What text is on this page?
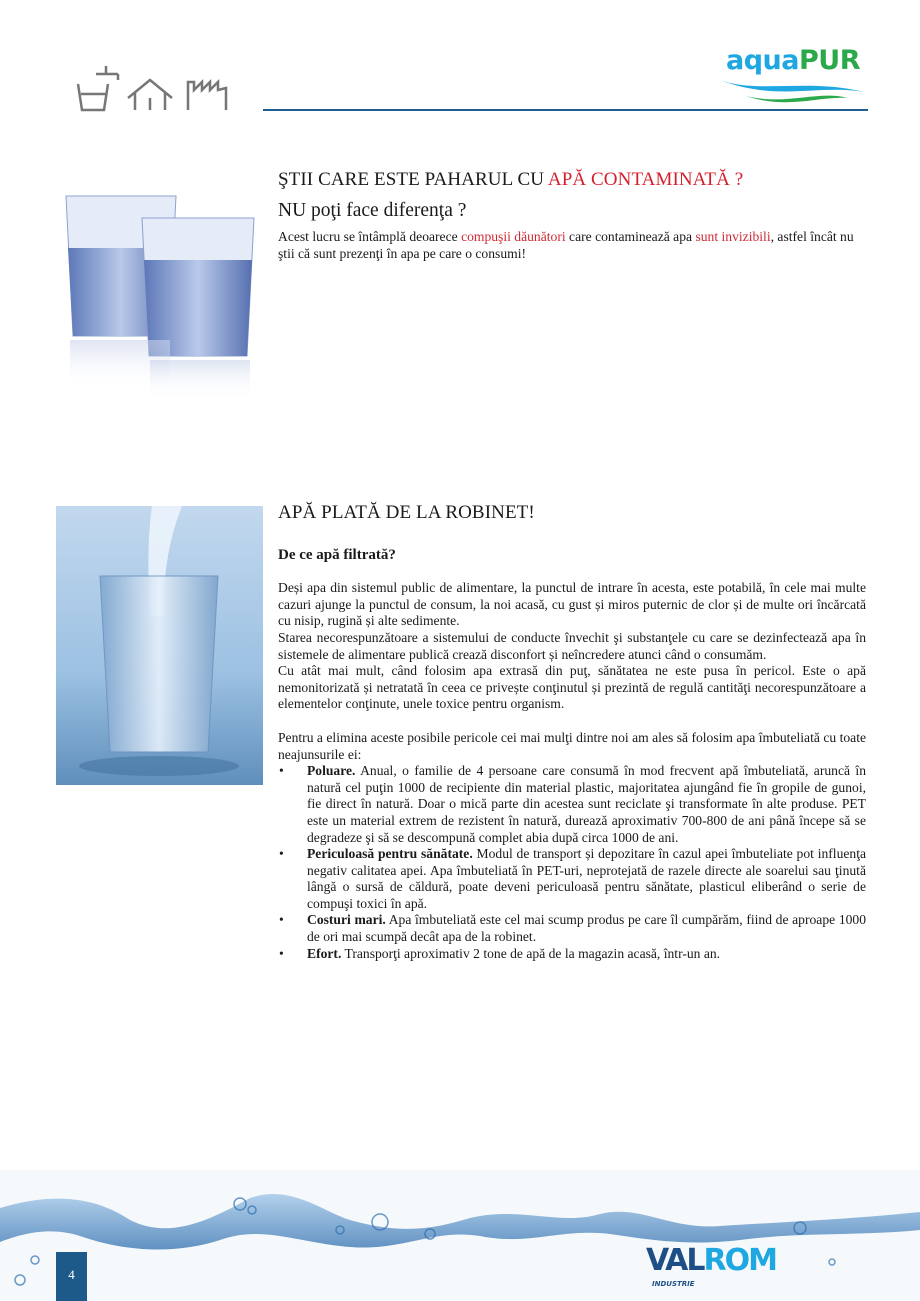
aquaPUR
ŞTII CARE ESTE PAHARUL CU APĂ CONTAMINATĂ ?
NU poţi face diferenţa ?

Acest lucru se întâmplă deoarece compuşii dăunători care contaminează apa sunt invizibili, astfel încât nu ştii că sunt prezenţi în apa pe care o consumi!

APĂ PLATĂ DE LA ROBINET!
De ce apă filtrată?

Deși apa din sistemul public de alimentare, la punctul de intrare în acesta, este potabilă, în cele mai multe cazuri ajunge la punctul de consum, la noi acasă, cu gust și miros puternic de clor și de multe ori încărcată cu nisip, rugină și alte sedimente.

Starea necorespunzătoare a sistemului de conducte învechit şi substanţele cu care se dezinfectează apa în sistemele de alimentare publică crează disconfort și neîncredere atunci când o consumăm.

Cu atât mai mult, când folosim apa extrasă din puţ, sănătatea ne este pusa în pericol. Este o apă nemonitorizată și netratată în ceea ce privește conţinutul și prezintă de regulă cantităţi necorespunzătoare a elementelor conţinute, unele toxice pentru organism.

Pentru a elimina aceste posibile pericole cei mai mulţi dintre noi am ales să folosim apa îmbuteliată cu toate neajunsurile ei:

• Poluare. Anual, o familie de 4 persoane care consumă în mod frecvent apă îmbuteliată, aruncă în natură cel puţin 1000 de recipiente din material plastic, majoritatea ajungând fie în gropile de gunoi, fie direct în natură. Doar o mică parte din acestea sunt reciclate şi transformate în alte produse. PET este un material extrem de rezistent în natură, durează aproximativ 700-800 de ani până începe să se degradeze şi să se descompună complet abia după circa 1000 de ani.
• Periculoasă pentru sănătate. Modul de transport și depozitare în cazul apei îmbuteliate pot influenţa negativ calitatea apei. Apa îmbuteliată în PET-uri, neprotejată de razele directe ale soarelui sau ţinută lângă o sursă de căldură, poate deveni periculoasă pentru sănătate, plasticul eliberând o serie de compuşi toxici în apă.
• Costuri mari. Apa îmbuteliată este cel mai scump produs pe care îl cumpărăm, fiind de aproape 1000 de ori mai scumpă decât apa de la robinet.
• Efort. Transporţi aproximativ 2 tone de apă de la magazin acasă, într-un an.
VALROM
INDUSTRIE
4
